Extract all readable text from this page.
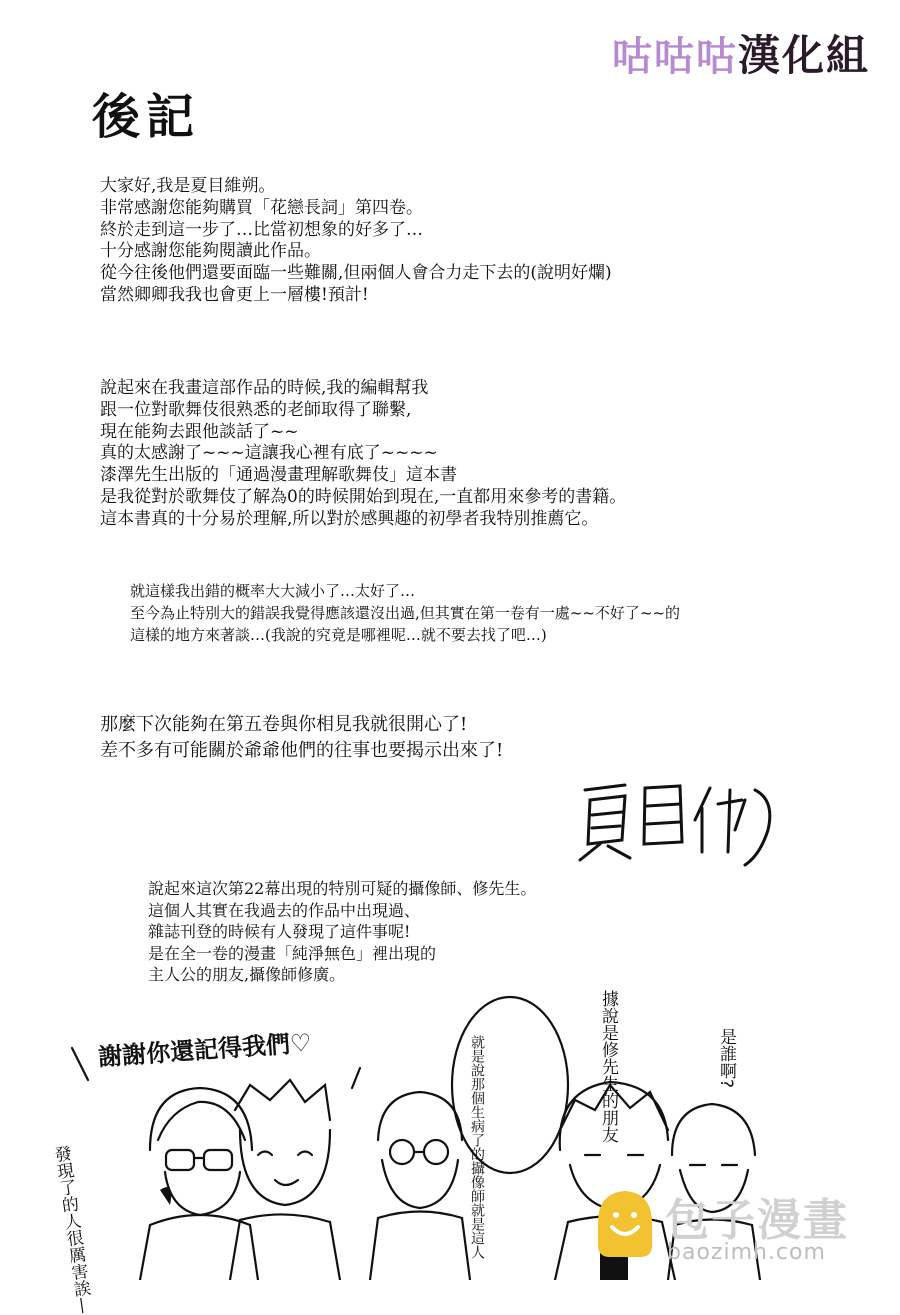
咕 咕 咕 漢化組
後記
大家好,我是夏目維朔。
非常感謝您能夠購買「花戀長詞」第四卷。
終於走到這一步了…比當初想象的好多了…
十分感謝您能夠閱讀此作品。
從今往後他們還要面臨一些難關,但兩個人會合力走下去的(說明好爛)
當然卿卿我我也會更上一層樓!預計!
說起來在我畫這部作品的時候,我的編輯幫我
跟一位對歌舞伎很熟悉的老師取得了聯繫,
現在能夠去跟他談話了~~
真的太感謝了~~~這讓我心裡有底了~~~~
漆澤先生出版的「通過漫畫理解歌舞伎」這本書
是我從對於歌舞伎了解為0的時候開始到現在,一直都用來參考的書籍。
這本書真的十分易於理解,所以對於感興趣的初學者我特別推薦它。
就這樣我出錯的概率大大減小了…太好了…
至今為止特別大的錯誤我覺得應該還沒出過,但其實在第一卷有一處~~不好了~~的
這樣的地方來著談…(我說的究竟是哪裡呢…就不要去找了吧…)
那麼下次能夠在第五卷與你相見我就很開心了!
差不多有可能關於爺爺他們的往事也要揭示出來了!
說起來這次第22幕出現的特別可疑的攝像師、修先生。
這個人其實在我過去的作品中出現過、
雜誌刊登的時候有人發現了這件事呢!
是在全一卷的漫畫「純淨無色」裡出現的
主人公的朋友,攝像師修廣。
謝謝你還記得我們♡
發現了的人很厲害誒—
就是說那個生病了的攝像師就是這人
據說是修先生的朋友
是誰啊?
包子漫畫
baozimh.com
